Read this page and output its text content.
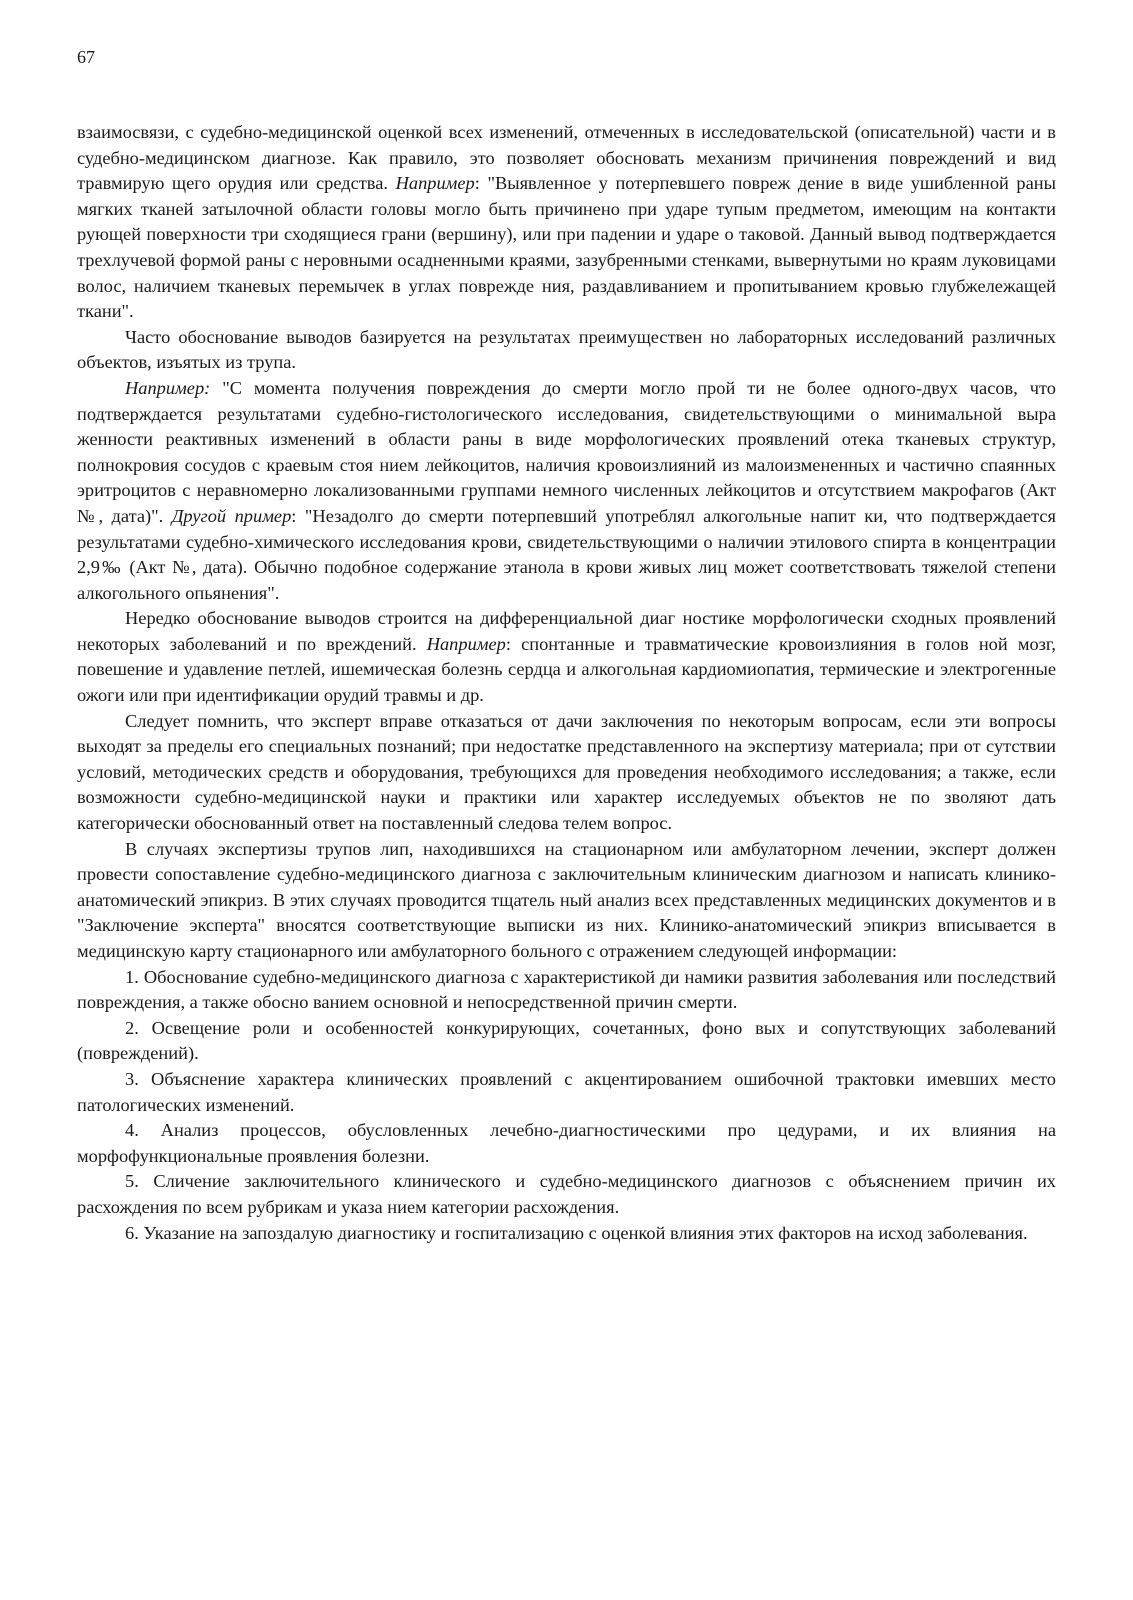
67

взаимосвязи, с судебно-медицинской оценкой всех изменений, отмеченных в исследовательской (описательной) части и в судебно-медицинском диагнозе. Как правило, это позволяет обосновать механизм причинения повреждений и вид травмирую щего орудия или средства. Например: "Выявленное у потерпевшего повреж дение в виде ушибленной раны мягких тканей затылочной области головы могло быть причинено при ударе тупым предметом, имеющим на контакти рующей поверхности три сходящиеся грани (вершину), или при падении и ударе о таковой. Данный вывод подтверждается трехлучевой формой раны с неровными осадненными краями, зазубренными стенками, вывернутыми но краям луковицами волос, наличием тканевых перемычек в углах поврежде ния, раздавливанием и пропитыванием кровью глубжележащей ткани".

Часто обоснование выводов базируется на результатах преимуществен но лабораторных исследований различных объектов, изъятых из трупа.

Например: "С момента получения повреждения до смерти могло прой ти не более одного-двух часов, что подтверждается результатами судебно-гистологического исследования, свидетельствующими о минимальной выра женности реактивных изменений в области раны в виде морфологических проявлений отека тканевых структур, полнокровия сосудов с краевым стоя нием лейкоцитов, наличия кровоизлияний из малоизмененных и частично спаянных эритроцитов с неравномерно локализованными группами немного численных лейкоцитов и отсутствием макрофагов (Акт №, дата)". Другой пример: "Незадолго до смерти потерпевший употреблял алкогольные напит ки, что подтверждается результатами судебно-химического исследования крови, свидетельствующими о наличии этилового спирта в концентрации 2,9‰ (Акт №, дата). Обычно подобное содержание этанола в крови живых лиц может соответствовать тяжелой степени алкогольного опьянения".

Нередко обоснование выводов строится на дифференциальной диаг ностике морфологически сходных проявлений некоторых заболеваний и по вреждений. Например: спонтанные и травматические кровоизлияния в голов ной мозг, повешение и удавление петлей, ишемическая болезнь сердца и алкогольная кардиомиопатия, термические и электрогенные ожоги или при идентификации орудий травмы и др.

Следует помнить, что эксперт вправе отказаться от дачи заключения по некоторым вопросам, если эти вопросы выходят за пределы его специальных познаний; при недостатке представленного на экспертизу материала; при от сутствии условий, методических средств и оборудования, требующихся для проведения необходимого исследования; а также, если возможности судебно-медицинской науки и практики или характер исследуемых объектов не по зволяют дать категорически обоснованный ответ на поставленный следова телем вопрос.

В случаях экспертизы трупов лип, находившихся на стационарном или амбулаторном лечении, эксперт должен провести сопоставление судебно-медицинского диагноза с заключительным клиническим диагнозом и написать клинико-анатомический эпикриз. В этих случаях проводится тщатель ный анализ всех представленных медицинских документов и в "Заключение эксперта" вносятся соответствующие выписки из них. Клинико-анатомический эпикриз вписывается в медицинскую карту стационарного или амбулаторного больного с отражением следующей информации:

1. Обоснование судебно-медицинского диагноза с характеристикой ди намики развития заболевания или последствий повреждения, а также обосно ванием основной и непосредственной причин смерти.

2. Освещение роли и особенностей конкурирующих, сочетанных, фоно вых и сопутствующих заболеваний (повреждений).

3. Объяснение характера клинических проявлений с акцентированием ошибочной трактовки имевших место патологических изменений.

4. Анализ процессов, обусловленных лечебно-диагностическими про цедурами, и их влияния на морфофункциональные проявления болезни.

5. Сличение заключительного клинического и судебно-медицинского диагнозов с объяснением причин их расхождения по всем рубрикам и указа нием категории расхождения.

6. Указание на запоздалую диагностику и госпитализацию с оценкой влияния этих факторов на исход заболевания.
